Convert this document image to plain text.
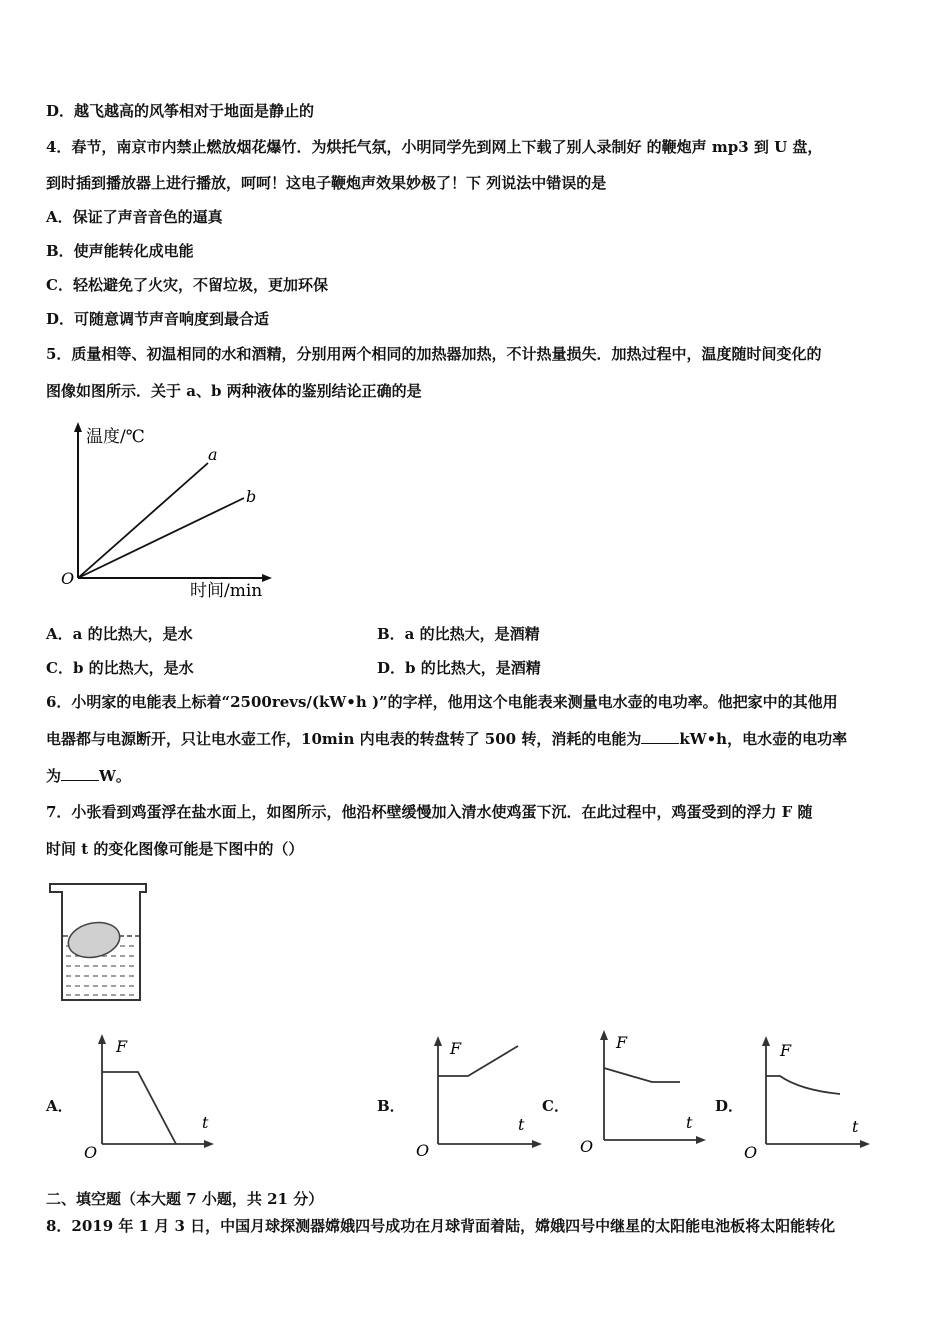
D．越飞越高的风筝相对于地面是静止的
4．春节，南京市内禁止燃放烟花爆竹．为烘托气氛，小明同学先到网上下载了别人录制好 的鞭炮声 mp3 到 U 盘，
到时插到播放器上进行播放，呵呵！这电子鞭炮声效果妙极了！下 列说法中错误的是
A．保证了声音音色的逼真
B．使声能转化成电能
C．轻松避免了火灾，不留垃圾，更加环保
D．可随意调节声音响度到最合适
5．质量相等、初温相同的水和酒精，分别用两个相同的加热器加热，不计热量损失．加热过程中，温度随时间变化的
图像如图所示．关于 a、b 两种液体的鉴别结论正确的是
温度/℃
时间/min
O
a
b
A．a 的比热大，是水	B．a 的比热大，是酒精
C．b 的比热大，是水	D．b 的比热大，是酒精
6．小明家的电能表上标着“2500revs/(kW•h )”的字样，他用这个电能表来测量电水壶的电功率。他把家中的其他用
电器都与电源断开，只让电水壶工作，10min 内电表的转盘转了 500 转，消耗的电能为	kW•h，电水壶的电功率
为	W。
7．小张看到鸡蛋浮在盐水面上，如图所示，他沿杯壁缓慢加入清水使鸡蛋下沉．在此过程中，鸡蛋受到的浮力 F 随
时间 t 的变化图像可能是下图中的（）
A．
F
t
O
B．
F
t
O
C．
F
t
O
D．
F
t
O
二、填空题（本大题 7 小题，共 21 分）
8．2019 年 1 月 3 日，中国月球探测器嫦娥四号成功在月球背面着陆，嫦娥四号中继星的太阳能电池板将太阳能转化
